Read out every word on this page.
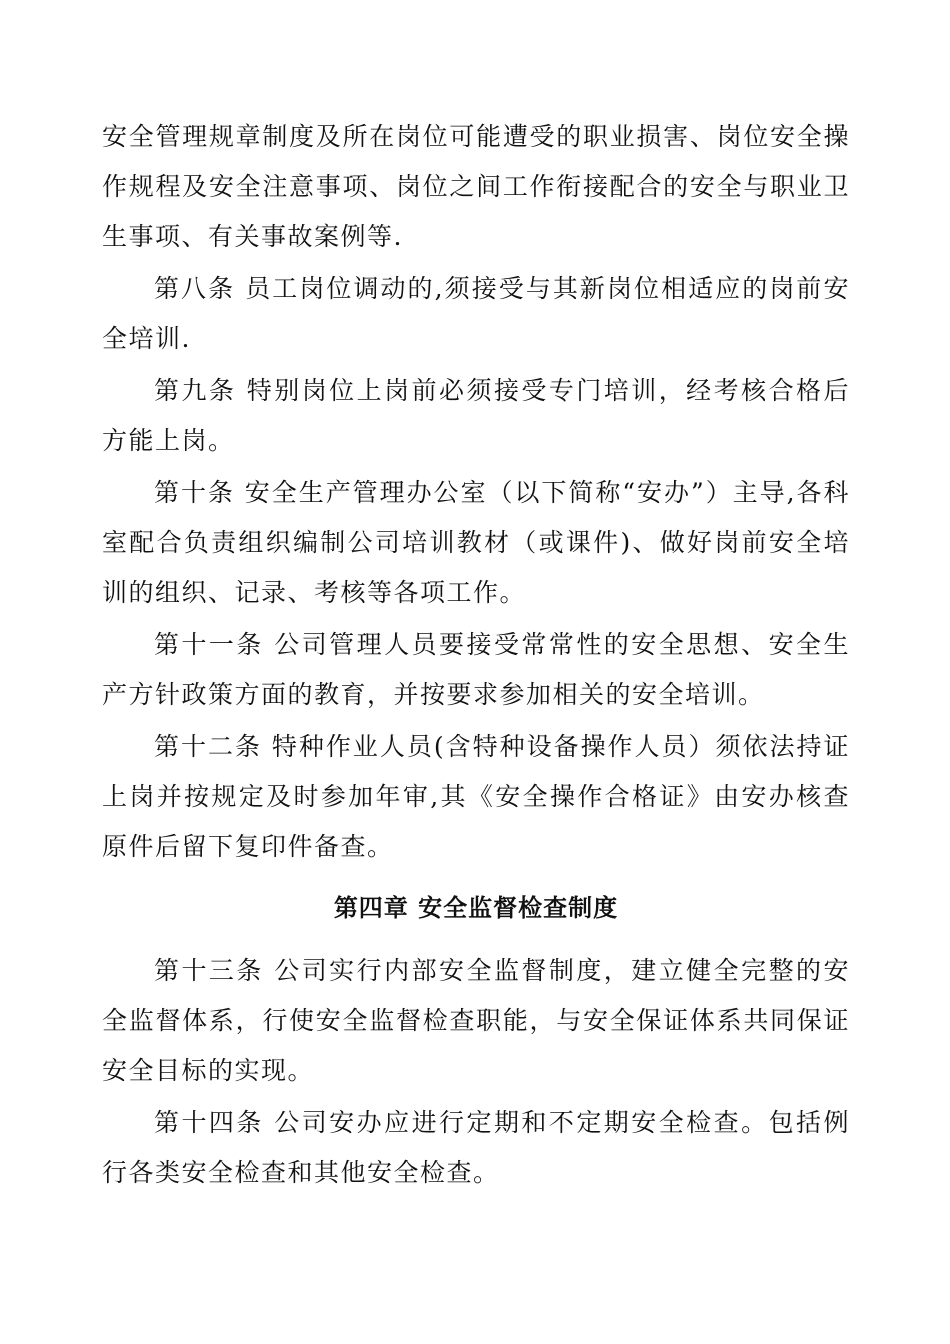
安全管理规章制度及所在岗位可能遭受的职业损害、岗位安全操作规程及安全注意事项、岗位之间工作衔接配合的安全与职业卫生事项、有关事故案例等.

第八条 员工岗位调动的,须接受与其新岗位相适应的岗前安全培训.

第九条 特别岗位上岗前必须接受专门培训，经考核合格后方能上岗。

第十条 安全生产管理办公室（以下简称“安办”）主导,各科室配合负责组织编制公司培训教材（或课件)、做好岗前安全培训的组织、记录、考核等各项工作。

第十一条 公司管理人员要接受常常性的安全思想、安全生产方针政策方面的教育，并按要求参加相关的安全培训。

第十二条 特种作业人员(含特种设备操作人员）须依法持证上岗并按规定及时参加年审,其《安全操作合格证》由安办核查原件后留下复印件备查。

第四章 安全监督检查制度

第十三条 公司实行内部安全监督制度，建立健全完整的安全监督体系，行使安全监督检查职能，与安全保证体系共同保证安全目标的实现。

第十四条 公司安办应进行定期和不定期安全检查。包括例行各类安全检查和其他安全检查。
